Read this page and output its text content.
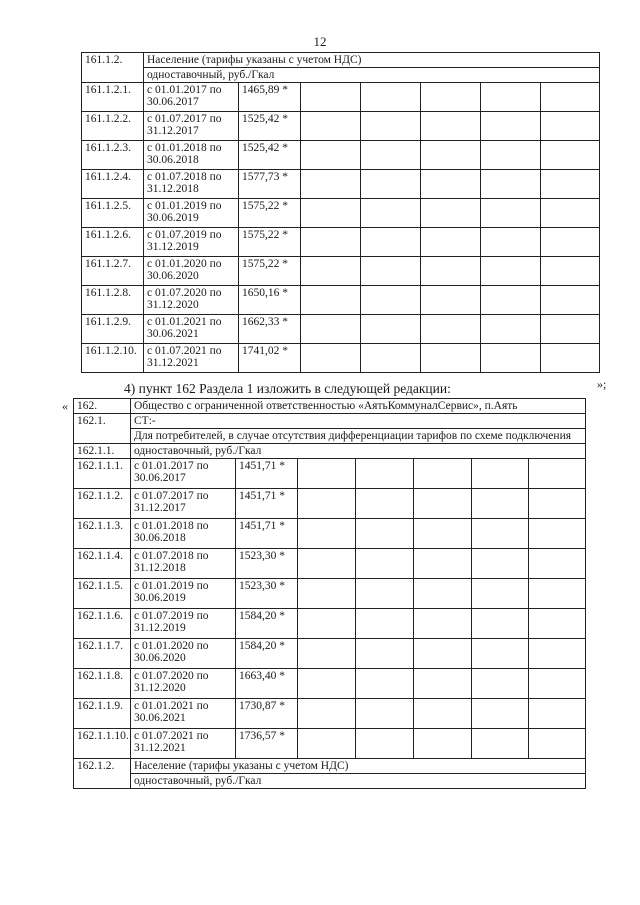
12
161.1.2.	Население (тарифы указаны с учетом НДС)						
	одноставочный, руб./Гкал						
161.1.2.1.	с 01.01.2017 по 30.06.2017	1465,89 *					
161.1.2.2.	с 01.07.2017 по 31.12.2017	1525,42 *					
161.1.2.3.	с 01.01.2018 по 30.06.2018	1525,42 *					
161.1.2.4.	с 01.07.2018 по 31.12.2018	1577,73 *					
161.1.2.5.	с 01.01.2019 по 30.06.2019	1575,22 *					
161.1.2.6.	с 01.07.2019 по 31.12.2019	1575,22 *					
161.1.2.7.	с 01.01.2020 по 30.06.2020	1575,22 *					
161.1.2.8.	с 01.07.2020 по 31.12.2020	1650,16 *					
161.1.2.9.	с 01.01.2021 по 30.06.2021	1662,33 *					
161.1.2.10.	с 01.07.2021 по 31.12.2021	1741,02 *					
»;
4) пункт 162 Раздела 1 изложить в следующей редакции:
« 162.	Общество с ограниченной ответственностью «АятьКоммуналСервис», п.Аять						
162.1.	СТ:-						
	Для потребителей, в случае отсутствия дифференциации тарифов по схеме подключения						
162.1.1.	одноставочный, руб./Гкал						
162.1.1.1.	с 01.01.2017 по 30.06.2017	1451,71 *					
162.1.1.2.	с 01.07.2017 по 31.12.2017	1451,71 *					
162.1.1.3.	с 01.01.2018 по 30.06.2018	1451,71 *					
162.1.1.4.	с 01.07.2018 по 31.12.2018	1523,30 *					
162.1.1.5.	с 01.01.2019 по 30.06.2019	1523,30 *					
162.1.1.6.	с 01.07.2019 по 31.12.2019	1584,20 *					
162.1.1.7.	с 01.01.2020 по 30.06.2020	1584,20 *					
162.1.1.8.	с 01.07.2020 по 31.12.2020	1663,40 *					
162.1.1.9.	с 01.01.2021 по 30.06.2021	1730,87 *					
162.1.1.10.	с 01.07.2021 по 31.12.2021	1736,57 *					
162.1.2.	Население (тарифы указаны с учетом НДС)						
	одноставочный, руб./Гкал						
